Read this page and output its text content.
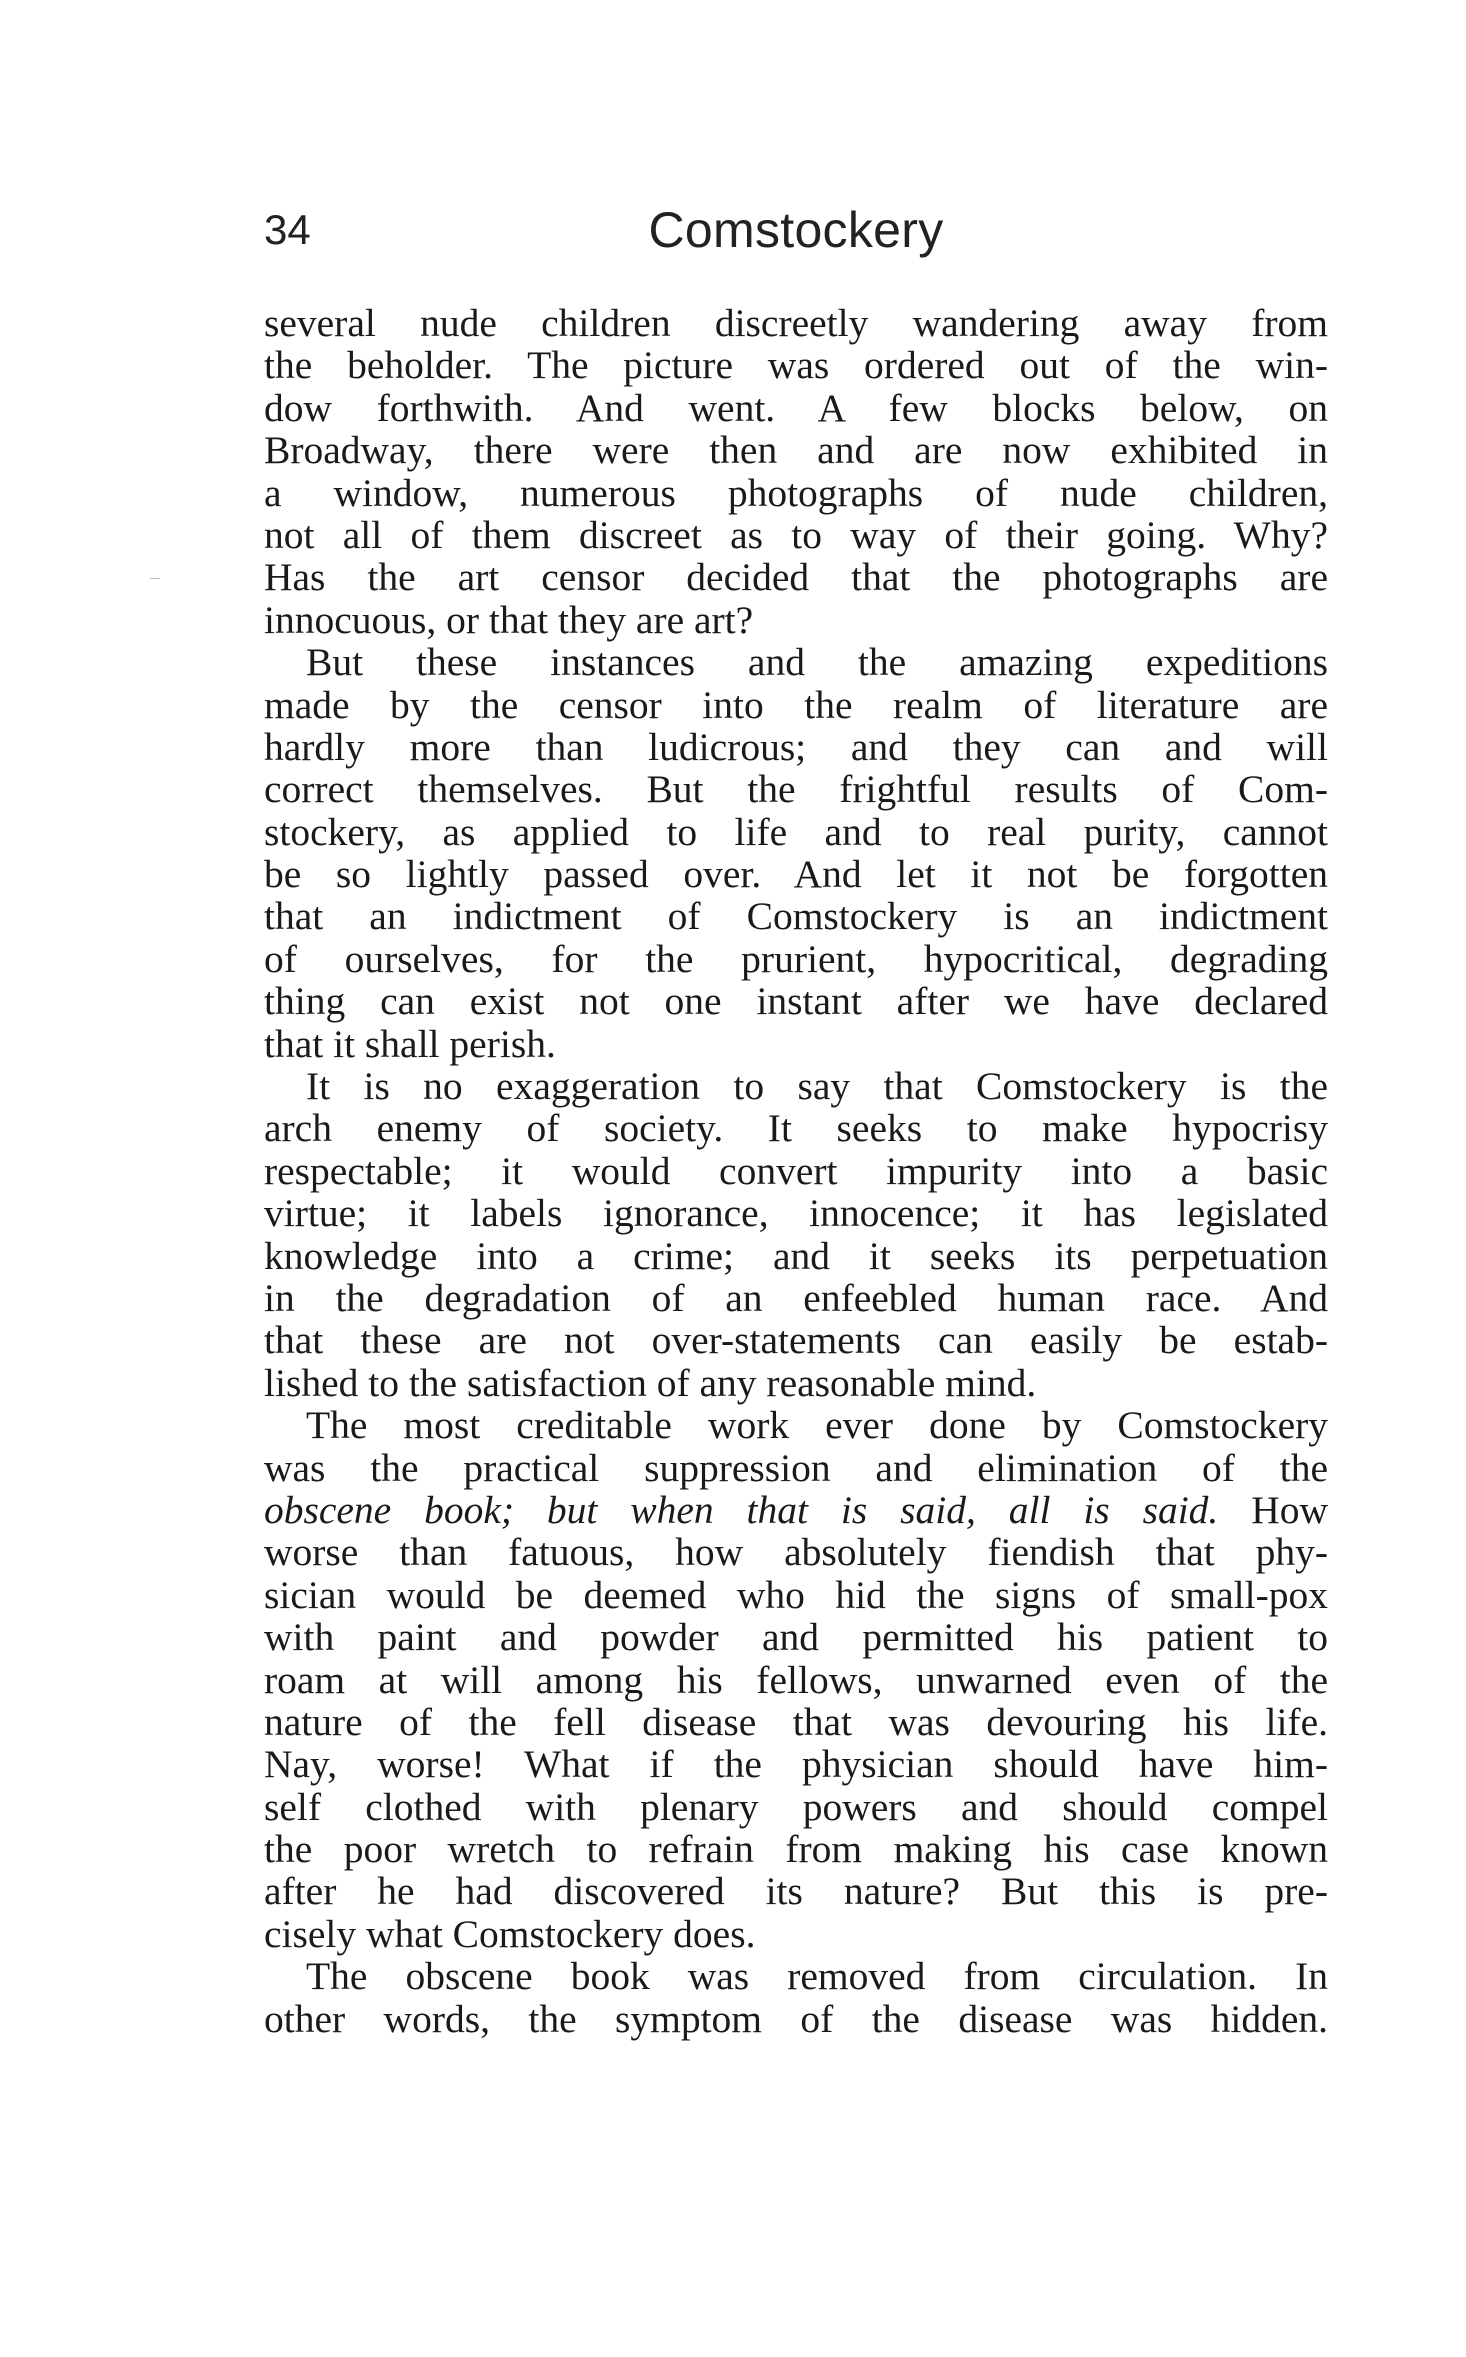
34	Comstockery

several nude children discreetly wandering away from
the beholder. The picture was ordered out of the win-
dow forthwith. And went. A few blocks below, on
Broadway, there were then and are now exhibited in
a window, numerous photographs of nude children,
not all of them discreet as to way of their going. Why?
Has the art censor decided that the photographs are
innocuous, or that they are art?

But these instances and the amazing expeditions
made by the censor into the realm of literature are
hardly more than ludicrous; and they can and will
correct themselves. But the frightful results of Com-
stockery, as applied to life and to real purity, cannot
be so lightly passed over. And let it not be forgotten
that an indictment of Comstockery is an indictment
of ourselves, for the prurient, hypocritical, degrading
thing can exist not one instant after we have declared
that it shall perish.

It is no exaggeration to say that Comstockery is the
arch enemy of society. It seeks to make hypocrisy
respectable; it would convert impurity into a basic
virtue; it labels ignorance, innocence; it has legislated
knowledge into a crime; and it seeks its perpetuation
in the degradation of an enfeebled human race. And
that these are not over-statements can easily be estab-
lished to the satisfaction of any reasonable mind.

The most creditable work ever done by Comstockery
was the practical suppression and elimination of the
obscene book; but when that is said, all is said. How
worse than fatuous, how absolutely fiendish that phy-
sician would be deemed who hid the signs of small-pox
with paint and powder and permitted his patient to
roam at will among his fellows, unwarned even of the
nature of the fell disease that was devouring his life.
Nay, worse! What if the physician should have him-
self clothed with plenary powers and should compel
the poor wretch to refrain from making his case known
after he had discovered its nature? But this is pre-
cisely what Comstockery does.

The obscene book was removed from circulation. In
other words, the symptom of the disease was hidden.
